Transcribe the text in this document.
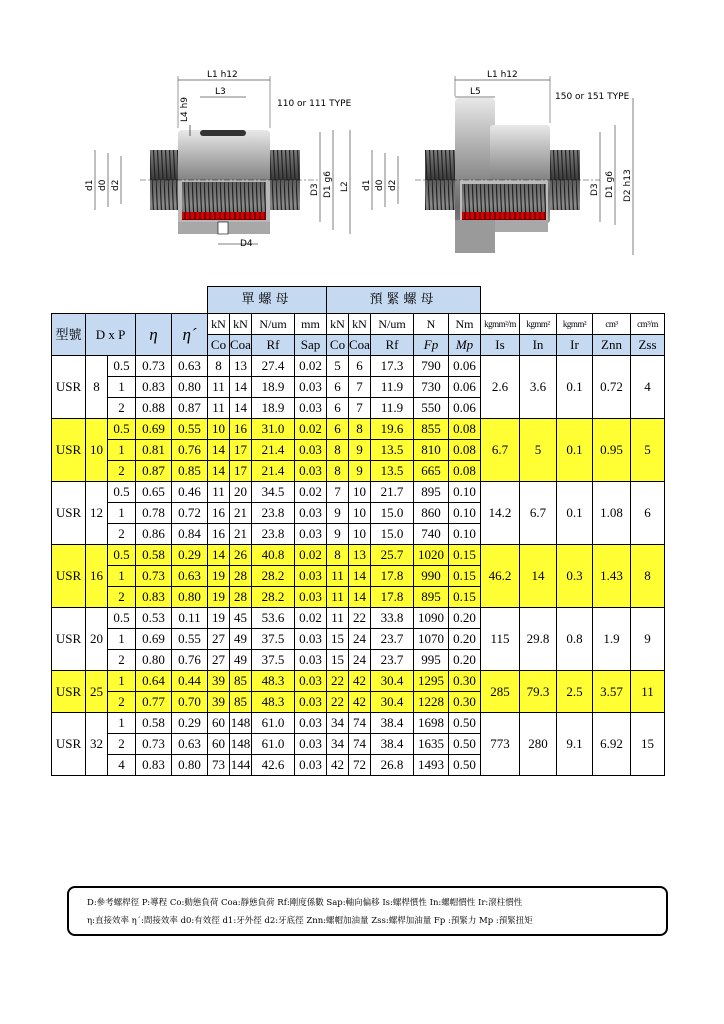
L1 h12
L3
L4 h9	110 or 111 TYPE
d1 d0 d2	D3 D1 g6 L2
D4
L1 h12
L5	150 or 151 TYPE
d1 d0 d2	D3 D1 g6 D2 h13
					單螺母				預緊螺母									
型號	D x P		η	η´	kN	kN	N/um	mm	kN	kN	N/um	N	Nm	kgmm²/m	kgmm²	kgmm²	cm³	cm³/m
					Co	Coa	Rf	Sap	Co	Coa	Rf	Fp	Mp	Is	In	Ir	Znn	Zss
USR	8	0.5	0.73	0.63	8	13	27.4	0.02	5	6	17.3	790	0.06	2.6	3.6	0.1	0.72	4
		1	0.83	0.80	11	14	18.9	0.03	6	7	11.9	730	0.06					
		2	0.88	0.87	11	14	18.9	0.03	6	7	11.9	550	0.06					
USR	10	0.5	0.69	0.55	10	16	31.0	0.02	6	8	19.6	855	0.08	6.7	5	0.1	0.95	5
		1	0.81	0.76	14	17	21.4	0.03	8	9	13.5	810	0.08					
		2	0.87	0.85	14	17	21.4	0.03	8	9	13.5	665	0.08					
USR	12	0.5	0.65	0.46	11	20	34.5	0.02	7	10	21.7	895	0.10	14.2	6.7	0.1	1.08	6
		1	0.78	0.72	16	21	23.8	0.03	9	10	15.0	860	0.10					
		2	0.86	0.84	16	21	23.8	0.03	9	10	15.0	740	0.10					
USR	16	0.5	0.58	0.29	14	26	40.8	0.02	8	13	25.7	1020	0.15	46.2	14	0.3	1.43	8
		1	0.73	0.63	19	28	28.2	0.03	11	14	17.8	990	0.15					
		2	0.83	0.80	19	28	28.2	0.03	11	14	17.8	895	0.15					
USR	20	0.5	0.53	0.11	19	45	53.6	0.02	11	22	33.8	1090	0.20	115	29.8	0.8	1.9	9
		1	0.69	0.55	27	49	37.5	0.03	15	24	23.7	1070	0.20					
		2	0.80	0.76	27	49	37.5	0.03	15	24	23.7	995	0.20					
USR	25	1	0.64	0.44	39	85	48.3	0.03	22	42	30.4	1295	0.30	285	79.3	2.5	3.57	11
		2	0.77	0.70	39	85	48.3	0.03	22	42	30.4	1228	0.30					
USR	32	1	0.58	0.29	60	148	61.0	0.03	34	74	38.4	1698	0.50	773	280	9.1	6.92	15
		2	0.73	0.63	60	148	61.0	0.03	34	74	38.4	1635	0.50					
		4	0.83	0.80	73	144	42.6	0.03	42	72	26.8	1493	0.50					
D:參考螺桿徑 P:導程 Co:動態負荷 Coa:靜態負荷 Rf:剛度係數 Sap:軸向偏移 Is:螺桿慣性 In:螺帽慣性 Ir:滾柱慣性
η:直接效率 η´:間接效率 d0:有效徑 d1:牙外徑 d2:牙底徑 Znn:螺帽加油量 Zss:螺桿加油量 Fp :預緊力 Mp :預緊扭矩
